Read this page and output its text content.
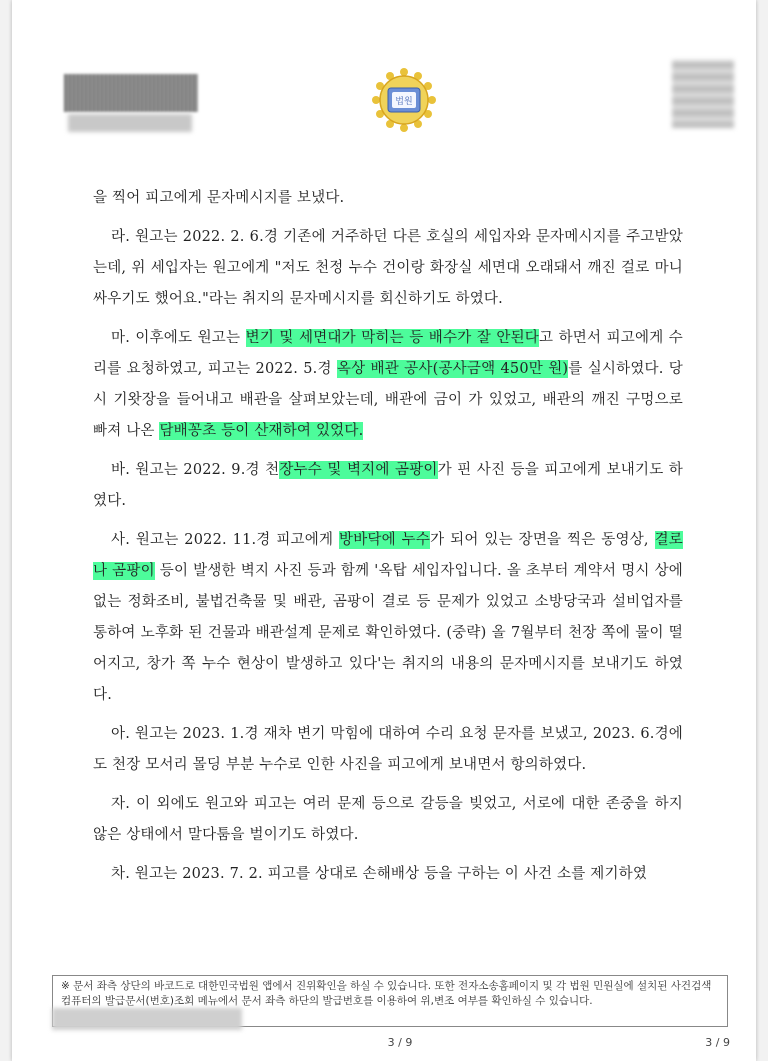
법원

을 찍어 피고에게 문자메시지를 보냈다.

라. 원고는 2022. 2. 6.경 기존에 거주하던 다른 호실의 세입자와 문자메시지를 주고받았는데, 위 세입자는 원고에게 "저도 천정 누수 건이랑 화장실 세면대 오래돼서 깨진 걸로 마니 싸우기도 했어요."라는 취지의 문자메시지를 회신하기도 하였다.

마. 이후에도 원고는 변기 및 세면대가 막히는 등 배수가 잘 안된다고 하면서 피고에게 수리를 요청하였고, 피고는 2022. 5.경 옥상 배관 공사(공사금액 450만 원)를 실시하였다. 당시 기왓장을 들어내고 배관을 살펴보았는데, 배관에 금이 가 있었고, 배관의 깨진 구멍으로 빠져 나온 담배꽁초 등이 산재하여 있었다.

바. 원고는 2022. 9.경 천장누수 및 벽지에 곰팡이가 핀 사진 등을 피고에게 보내기도 하였다.

사. 원고는 2022. 11.경 피고에게 방바닥에 누수가 되어 있는 장면을 찍은 동영상, 결로나 곰팡이 등이 발생한 벽지 사진 등과 함께 '옥탑 세입자입니다. 올 초부터 계약서 명시 상에 없는 정화조비, 불법건축물 및 배관, 곰팡이 결로 등 문제가 있었고 소방당국과 설비업자를 통하여 노후화 된 건물과 배관설계 문제로 확인하였다. (중략) 올 7월부터 천장 쪽에 물이 떨어지고, 창가 쪽 누수 현상이 발생하고 있다'는 취지의 내용의 문자메시지를 보내기도 하였다.

아. 원고는 2023. 1.경 재차 변기 막힘에 대하여 수리 요청 문자를 보냈고, 2023. 6.경에도 천장 모서리 몰딩 부분 누수로 인한 사진을 피고에게 보내면서 항의하였다.

자. 이 외에도 원고와 피고는 여러 문제 등으로 갈등을 빚었고, 서로에 대한 존중을 하지 않은 상태에서 말다툼을 벌이기도 하였다.

차. 원고는 2023. 7. 2. 피고를 상대로 손해배상 등을 구하는 이 사건 소를 제기하였

※ 문서 좌측 상단의 바코드로 대한민국법원 앱에서 진위확인을 하실 수 있습니다. 또한 전자소송홈페이지 및 각 법원 민원실에 설치된 사건검색 컴퓨터의 발급문서(번호)조회 메뉴에서 문서 좌측 하단의 발급번호를 이용하여 위,변조 여부를 확인하실 수 있습니다.
3 / 9	3 / 9
